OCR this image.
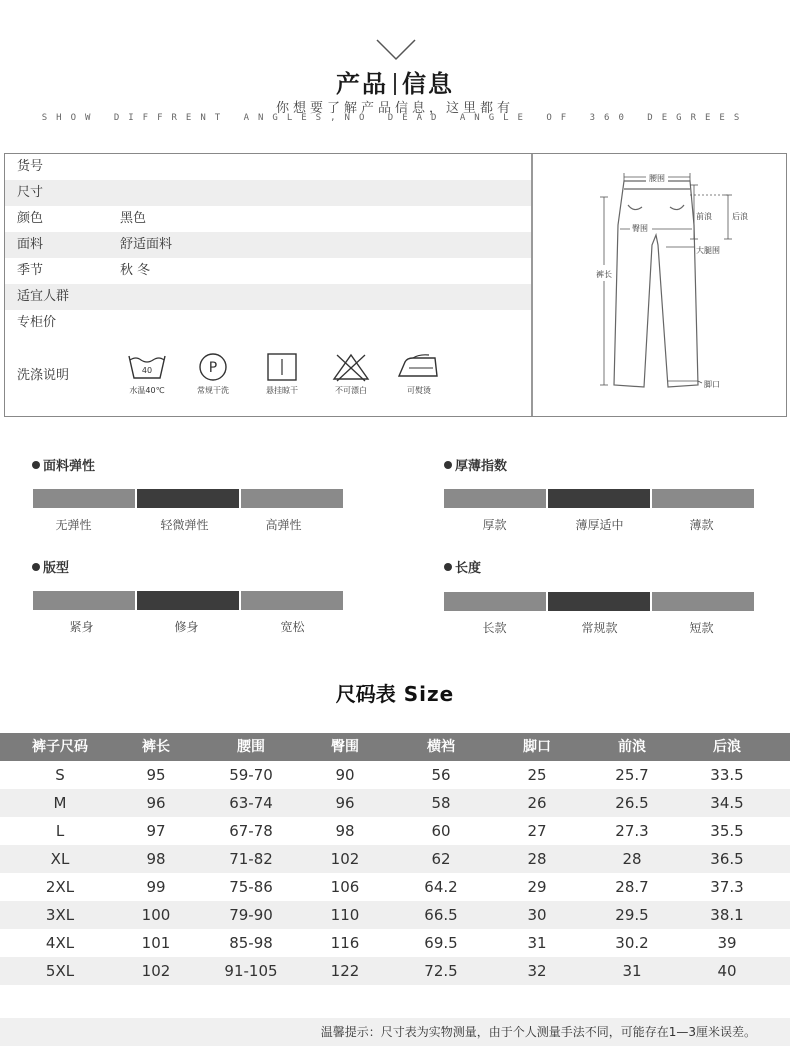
产品 信息
你想要了解产品信息，这里都有
SHOW DIFFRENT ANGLES,NO DEAD ANGLE OF 360 DEGREES
货号
尺寸
颜色	黑色
面料	舒适面料
季节	秋 冬
适宜人群
专柜价
洗涤说明	40
水温40℃
P
常规干洗	悬挂晾干	不可漂白	可熨烫
腰围
前浪	后浪
臀围
大腿围
裤长
脚口
面料弹性
无弹性	轻微弹性	高弹性
厚薄指数
厚款	薄厚适中	薄款
版型
紧身	修身	宽松
长度
长款	常规款	短款
尺码表 Size
裤子尺码	裤长	腰围	臀围	横裆	脚口	前浪	后浪
S	95	59-70	90	56	25	25.7	33.5
M	96	63-74	96	58	26	26.5	34.5
L	97	67-78	98	60	27	27.3	35.5
XL	98	71-82	102	62	28	28	36.5
2XL	99	75-86	106	64.2	29	28.7	37.3
3XL	100	79-90	110	66.5	30	29.5	38.1
4XL	101	85-98	116	69.5	31	30.2	39
5XL	102	91-105	122	72.5	32	31	40
温馨提示：尺寸表为实物测量，由于个人测量手法不同，可能存在1—3厘米误差。
